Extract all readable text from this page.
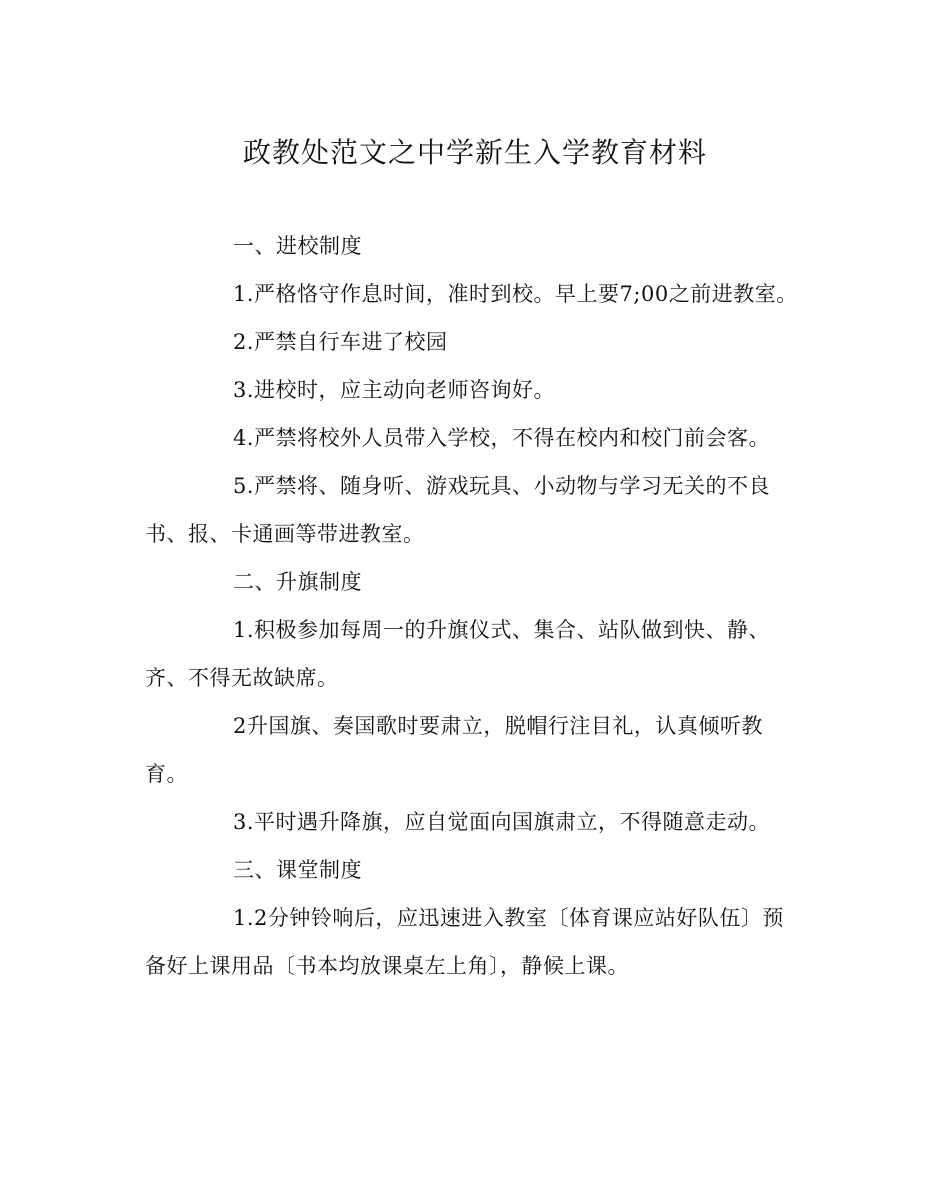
政教处范文之中学新生入学教育材料

一、进校制度

1.严格恪守作息时间，准时到校。早上要7;00之前进教室。

2.严禁自行车进了校园

3.进校时，应主动向老师咨询好。

4.严禁将校外人员带入学校，不得在校内和校门前会客。

5.严禁将、随身听、游戏玩具、小动物与学习无关的不良书、报、卡通画等带进教室。

二、升旗制度

1.积极参加每周一的升旗仪式、集合、站队做到快、静、齐、不得无故缺席。

2升国旗、奏国歌时要肃立，脱帽行注目礼，认真倾听教育。

3.平时遇升降旗，应自觉面向国旗肃立，不得随意走动。

三、课堂制度

1.2分钟铃响后，应迅速进入教室〔体育课应站好队伍〕预备好上课用品〔书本均放课桌左上角〕，静候上课。
